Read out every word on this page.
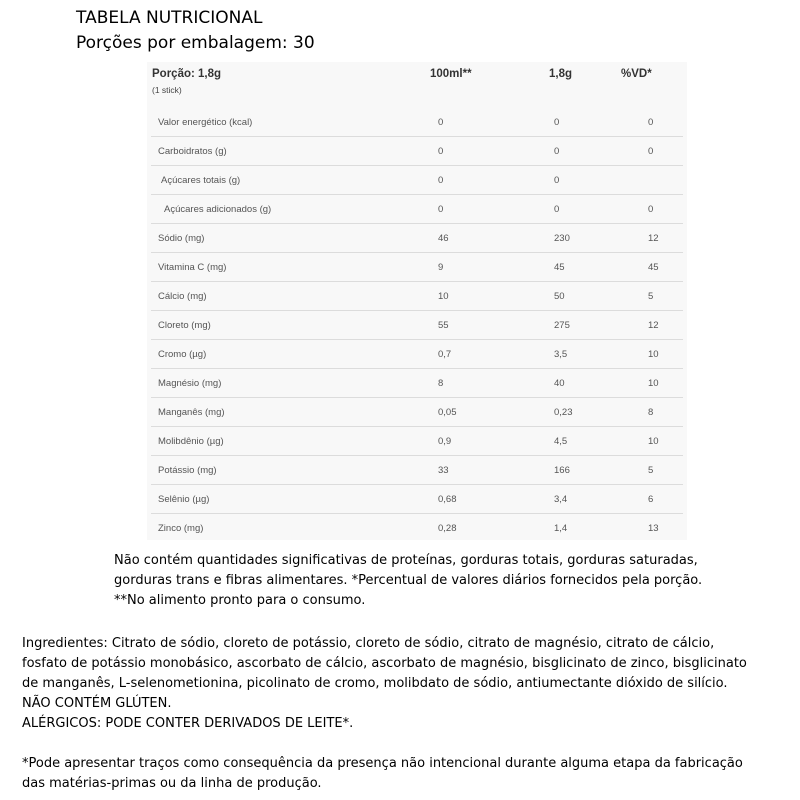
TABELA NUTRICIONAL
Porções por embalagem: 30
Porção: 1,8g
(1 stick)
100ml**	1,8g	%VD*
Valor energético (kcal)	0	0	0
Carboidratos (g)	0	0	0
Açúcares totais (g)	0	0
Açúcares adicionados (g)	0	0	0
Sódio (mg)	46	230	12
Vitamina C (mg)	9	45	45
Cálcio (mg)	10	50	5
Cloreto (mg)	55	275	12
Cromo (µg)	0,7	3,5	10
Magnésio (mg)	8	40	10
Manganês (mg)	0,05	0,23	8
Molibdênio (µg)	0,9	4,5	10
Potássio (mg)	33	166	5
Selênio (µg)	0,68	3,4	6
Zinco (mg)	0,28	1,4	13
Não contém quantidades significativas de proteínas, gorduras totais, gorduras saturadas,
gorduras trans e fibras alimentares. *Percentual de valores diários fornecidos pela porção.
**No alimento pronto para o consumo.
Ingredientes: Citrato de sódio, cloreto de potássio, cloreto de sódio, citrato de magnésio, citrato de cálcio,
fosfato de potássio monobásico, ascorbato de cálcio, ascorbato de magnésio, bisglicinato de zinco, bisglicinato
de manganês, L-selenometionina, picolinato de cromo, molibdato de sódio, antiumectante dióxido de silício.
NÃO CONTÉM GLÚTEN.
ALÉRGICOS: PODE CONTER DERIVADOS DE LEITE*.
*Pode apresentar traços como consequência da presença não intencional durante alguma etapa da fabricação
das matérias-primas ou da linha de produção.
